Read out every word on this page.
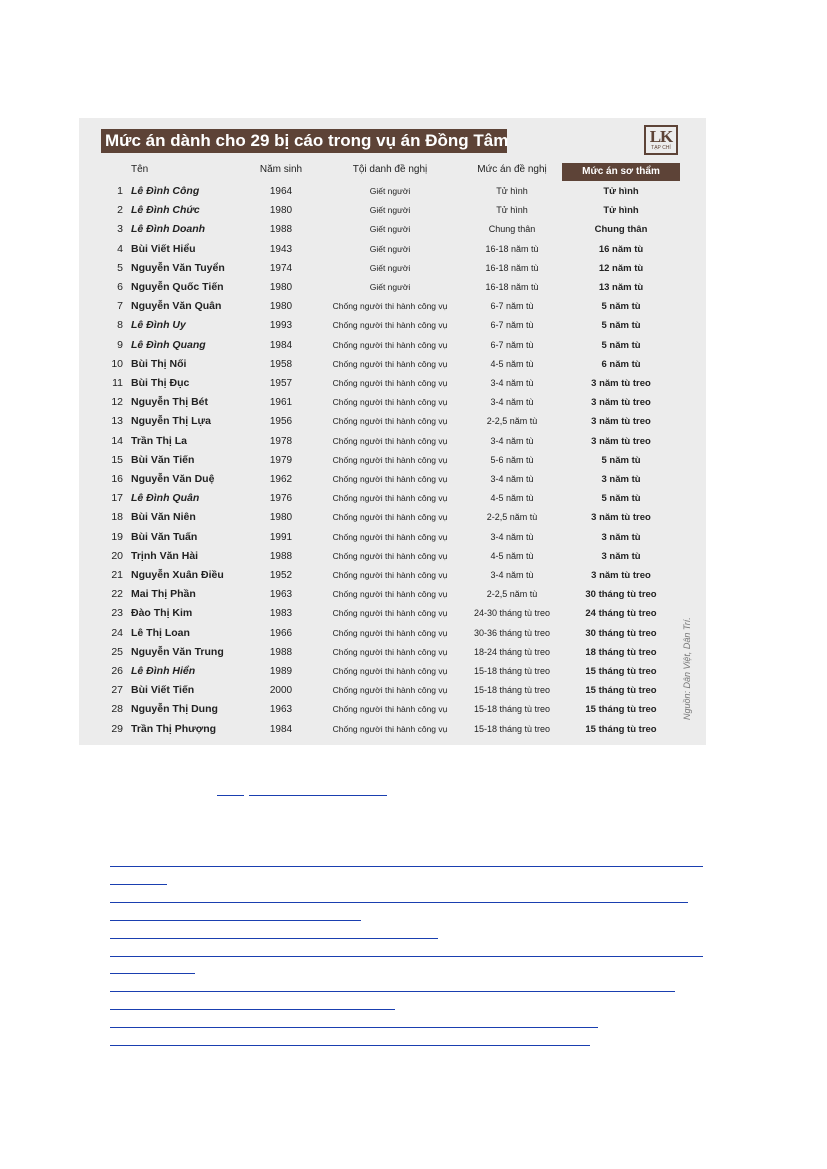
Mức án dành cho 29 bị cáo trong vụ án Đồng Tâm	LK
TẠP CHÍ
Tên	Năm sinh	Tội danh đề nghị	Mức án đề nghị	Mức án sơ thẩm
1 Lê Đình Công	1964	Giết người	Tử hình	Tử hình
2 Lê Đình Chức	1980	Giết người	Tử hình	Tử hình
3 Lê Đình Doanh	1988	Giết người	Chung thân	Chung thân
4 Bùi Viết Hiểu	1943	Giết người	16-18 năm tù	16 năm tù
5 Nguyễn Văn Tuyển	1974	Giết người	16-18 năm tù	12 năm tù
6 Nguyễn Quốc Tiến	1980	Giết người	16-18 năm tù	13 năm tù
7 Nguyễn Văn Quân	1980	Chống người thi hành công vụ	6-7 năm tù	5 năm tù
8 Lê Đình Uy	1993	Chống người thi hành công vụ	6-7 năm tù	5 năm tù
9 Lê Đình Quang	1984	Chống người thi hành công vụ	6-7 năm tù	5 năm tù
10 Bùi Thị Nối	1958	Chống người thi hành công vụ	4-5 năm tù	6 năm tù
11 Bùi Thị Đục	1957	Chống người thi hành công vụ	3-4 năm tù	3 năm tù treo
12 Nguyễn Thị Bét	1961	Chống người thi hành công vụ	3-4 năm tù	3 năm tù treo
13 Nguyễn Thị Lựa	1956	Chống người thi hành công vụ	2-2,5 năm tù	3 năm tù treo
14 Trần Thị La	1978	Chống người thi hành công vụ	3-4 năm tù	3 năm tù treo
15 Bùi Văn Tiến	1979	Chống người thi hành công vụ	5-6 năm tù	5 năm tù
16 Nguyễn Văn Duệ	1962	Chống người thi hành công vụ	3-4 năm tù	3 năm tù
17 Lê Đình Quân	1976	Chống người thi hành công vụ	4-5 năm tù	5 năm tù
18 Bùi Văn Niên	1980	Chống người thi hành công vụ	2-2,5 năm tù	3 năm tù treo
19 Bùi Văn Tuấn	1991	Chống người thi hành công vụ	3-4 năm tù	3 năm tù
20 Trịnh Văn Hài	1988	Chống người thi hành công vụ	4-5 năm tù	3 năm tù
21 Nguyễn Xuân Điều	1952	Chống người thi hành công vụ	3-4 năm tù	3 năm tù treo
22 Mai Thị Phần	1963	Chống người thi hành công vụ	2-2,5 năm tù	30 tháng tù treo
23 Đào Thị Kim	1983	Chống người thi hành công vụ	24-30 tháng tù treo	24 tháng tù treo
24 Lê Thị Loan	1966	Chống người thi hành công vụ	30-36 tháng tù treo	30 tháng tù treo
25 Nguyễn Văn Trung	1988	Chống người thi hành công vụ	18-24 tháng tù treo	18 tháng tù treo
26 Lê Đình Hiển	1989	Chống người thi hành công vụ	15-18 tháng tù treo	15 tháng tù treo
27 Bùi Viết Tiến	2000	Chống người thi hành công vụ	15-18 tháng tù treo	15 tháng tù treo
28 Nguyễn Thị Dung	1963	Chống người thi hành công vụ	15-18 tháng tù treo	15 tháng tù treo
29 Trần Thị Phượng	1984	Chống người thi hành công vụ	15-18 tháng tù treo	15 tháng tù treo
Nguồn: Dân Việt, Dân Trí.
